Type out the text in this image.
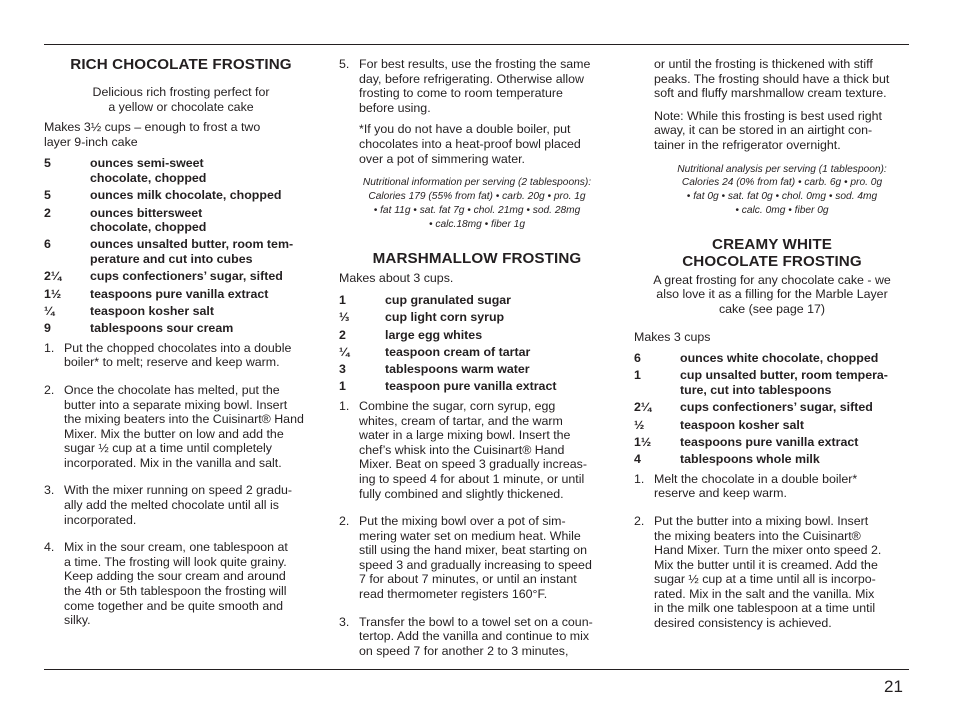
RICH CHOCOLATE FROSTING
Delicious rich frosting perfect for
a yellow or chocolate cake
Makes 3½ cups – enough to frost a two
layer 9-inch cake
5	ounces semi-sweet
chocolate, chopped
5	ounces milk chocolate, chopped
2	ounces bittersweet
chocolate, chopped
6	ounces unsalted butter, room tem-
perature and cut into cubes
2¼	cups confectioners’ sugar, sifted
1½	teaspoons pure vanilla extract
¼	teaspoon kosher salt
9	tablespoons sour cream
1. Put the chopped chocolates into a double
boiler* to melt; reserve and keep warm.
2. Once the chocolate has melted, put the
butter into a separate mixing bowl. Insert
the mixing beaters into the Cuisinart® Hand
Mixer. Mix the butter on low and add the
sugar ½ cup at a time until completely
incorporated. Mix in the vanilla and salt.
3. With the mixer running on speed 2 gradu-
ally add the melted chocolate until all is
incorporated.
4. Mix in the sour cream, one tablespoon at
a time. The frosting will look quite grainy.
Keep adding the sour cream and around
the 4th or 5th tablespoon the frosting will
come together and be quite smooth and
silky.
5. For best results, use the frosting the same
day, before refrigerating. Otherwise allow
frosting to come to room temperature
before using.
*If you do not have a double boiler, put
chocolates into a heat-proof bowl placed
over a pot of simmering water.
Nutritional information per serving (2 tablespoons):
Calories 179 (55% from fat) • carb. 20g • pro. 1g
• fat 11g • sat. fat 7g • chol. 21mg • sod. 28mg
• calc.18mg • fiber 1g
MARSHMALLOW FROSTING
Makes about 3 cups.
1	cup granulated sugar
⅓	cup light corn syrup
2	large egg whites
¼	teaspoon cream of tartar
3	tablespoons warm water
1	teaspoon pure vanilla extract
1. Combine the sugar, corn syrup, egg
whites, cream of tartar, and the warm
water in a large mixing bowl. Insert the
chef’s whisk into the Cuisinart® Hand
Mixer. Beat on speed 3 gradually increas-
ing to speed 4 for about 1 minute, or until
fully combined and slightly thickened.
2. Put the mixing bowl over a pot of sim-
mering water set on medium heat. While
still using the hand mixer, beat starting on
speed 3 and gradually increasing to speed
7 for about 7 minutes, or until an instant
read thermometer registers 160°F.
3. Transfer the bowl to a towel set on a coun-
tertop. Add the vanilla and continue to mix
on speed 7 for another 2 to 3 minutes,
or until the frosting is thickened with stiff
peaks. The frosting should have a thick but
soft and fluffy marshmallow cream texture.
Note: While this frosting is best used right
away, it can be stored in an airtight con-
tainer in the refrigerator overnight.
Nutritional analysis per serving (1 tablespoon):
Calories 24 (0% from fat) • carb. 6g • pro. 0g
• fat 0g • sat. fat 0g • chol. 0mg • sod. 4mg
• calc. 0mg • fiber 0g
CREAMY WHITE
CHOCOLATE FROSTING
A great frosting for any chocolate cake - we
also love it as a filling for the Marble Layer
cake (see page 17)
Makes 3 cups
6	ounces white chocolate, chopped
1	cup unsalted butter, room tempera-
ture, cut into tablespoons
2¼	cups confectioners’ sugar, sifted
½	teaspoon kosher salt
1½	teaspoons pure vanilla extract
4	tablespoons whole milk
1. Melt the chocolate in a double boiler*
reserve and keep warm.
2. Put the butter into a mixing bowl. Insert
the mixing beaters into the Cuisinart®
Hand Mixer. Turn the mixer onto speed 2.
Mix the butter until it is creamed. Add the
sugar ½ cup at a time until all is incorpo-
rated. Mix in the salt and the vanilla. Mix
in the milk one tablespoon at a time until
desired consistency is achieved.
21
